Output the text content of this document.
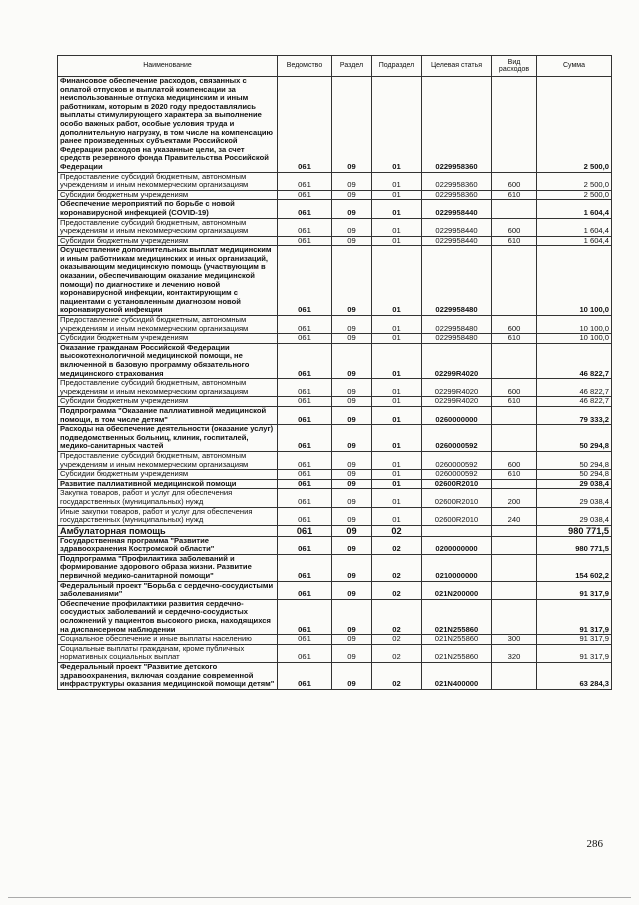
Наименование	Ведомство	Раздел	Подраздел	Целевая статья	Вид расходов	Сумма
Финансовое обеспечение расходов, связанных с оплатой отпусков и выплатой компенсации за неиспользованные отпуска медицинским и иным работникам, которым в 2020 году предоставлялись выплаты стимулирующего характера за выполнение особо важных работ, особые условия труда и дополнительную нагрузку, в том числе на компенсацию ранее произведенных субъектами Российской Федерации расходов на указанные цели, за счет средств резервного фонда Правительства Российской Федерации	061	09	01	0229958360		2 500,0
Предоставление субсидий бюджетным, автономным учреждениям и иным некоммерческим организациям	061	09	01	0229958360	600	2 500,0
Субсидии бюджетным учреждениям	061	09	01	0229958360	610	2 500,0
Обеспечение мероприятий по борьбе с новой коронавирусной инфекцией (COVID-19)	061	09	01	0229958440		1 604,4
Предоставление субсидий бюджетным, автономным учреждениям и иным некоммерческим организациям	061	09	01	0229958440	600	1 604,4
Субсидии бюджетным учреждениям	061	09	01	0229958440	610	1 604,4
Осуществление дополнительных выплат медицинским и иным работникам медицинских и иных организаций, оказывающим медицинскую помощь (участвующим в оказании, обеспечивающим оказание медицинской помощи) по диагностике и лечению новой коронавирусной инфекции, контактирующим с пациентами с установленным диагнозом новой коронавирусной инфекции	061	09	01	0229958480		10 100,0
Предоставление субсидий бюджетным, автономным учреждениям и иным некоммерческим организациям	061	09	01	0229958480	600	10 100,0
Субсидии бюджетным учреждениям	061	09	01	0229958480	610	10 100,0
Оказание гражданам Российской Федерации высокотехнологичной медицинской помощи, не включенной в базовую программу обязательного медицинского страхования	061	09	01	02299R4020		46 822,7
Предоставление субсидий бюджетным, автономным учреждениям и иным некоммерческим организациям	061	09	01	02299R4020	600	46 822,7
Субсидии бюджетным учреждениям	061	09	01	02299R4020	610	46 822,7
Подпрограмма "Оказание паллиативной медицинской помощи, в том числе детям"	061	09	01	0260000000		79 333,2
Расходы на обеспечение деятельности (оказание услуг) подведомственных больниц, клиник, госпиталей, медико-санитарных частей	061	09	01	0260000592		50 294,8
Предоставление субсидий бюджетным, автономным учреждениям и иным некоммерческим организациям	061	09	01	0260000592	600	50 294,8
Субсидии бюджетным учреждениям	061	09	01	0260000592	610	50 294,8
Развитие паллиативной медицинской помощи	061	09	01	02600R2010		29 038,4
Закупка товаров, работ и услуг для обеспечения государственных (муниципальных) нужд	061	09	01	02600R2010	200	29 038,4
Иные закупки товаров, работ и услуг для обеспечения государственных (муниципальных) нужд	061	09	01	02600R2010	240	29 038,4
Амбулаторная помощь	061	09	02			980 771,5
Государственная программа "Развитие здравоохранения Костромской области"	061	09	02	0200000000		980 771,5
Подпрограмма "Профилактика заболеваний и формирование здорового образа жизни. Развитие первичной медико-санитарной помощи"	061	09	02	0210000000		154 602,2
Федеральный проект "Борьба с сердечно-сосудистыми заболеваниями"	061	09	02	021N200000		91 317,9
Обеспечение профилактики развития сердечно-сосудистых заболеваний и сердечно-сосудистых осложнений у пациентов высокого риска, находящихся на диспансерном наблюдении	061	09	02	021N255860		91 317,9
Социальное обеспечение и иные выплаты населению	061	09	02	021N255860	300	91 317,9
Социальные выплаты гражданам, кроме публичных нормативных социальных выплат	061	09	02	021N255860	320	91 317,9
Федеральный проект "Развитие детского здравоохранения, включая создание современной инфраструктуры оказания медицинской помощи детям"	061	09	02	021N400000		63 284,3
286
